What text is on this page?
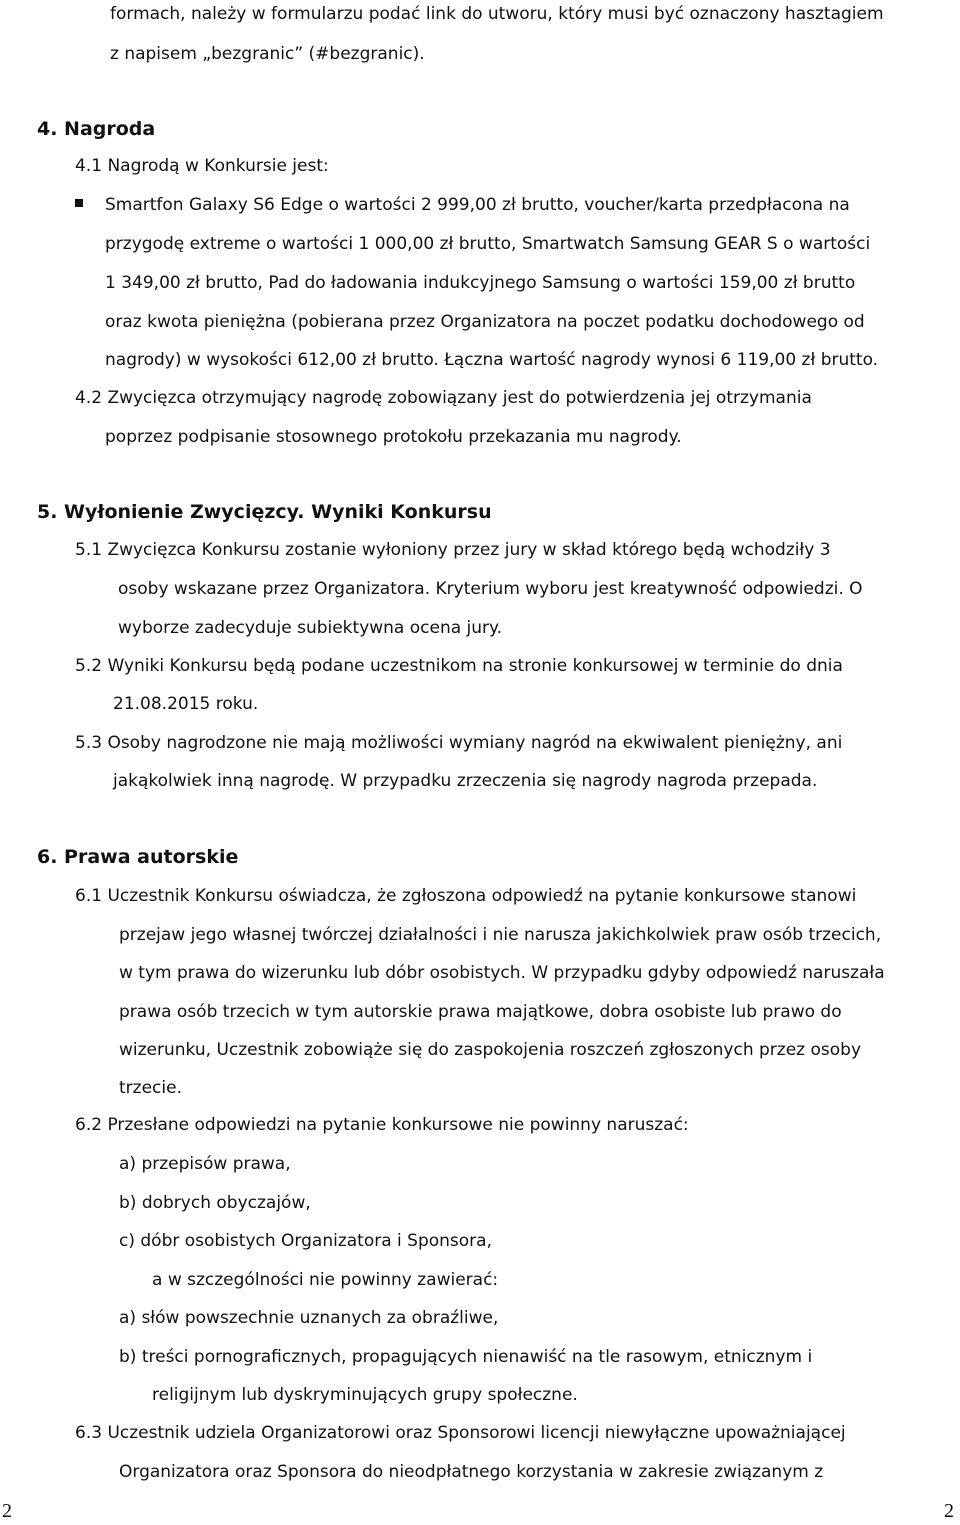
formach, należy w formularzu podać link do utworu, który musi być oznaczony hasztagiem
z napisem „bezgranic” (#bezgranic).
4. Nagroda
4.1 Nagrodą w Konkursie jest:
Smartfon Galaxy S6 Edge o wartości 2 999,00 zł brutto, voucher/karta przedpłacona na
przygodę extreme o wartości 1 000,00 zł brutto, Smartwatch Samsung GEAR S o wartości
1 349,00 zł brutto, Pad do ładowania indukcyjnego Samsung o wartości 159,00 zł brutto
oraz kwota pieniężna (pobierana przez Organizatora na poczet podatku dochodowego od
nagrody) w wysokości 612,00 zł brutto. Łączna wartość nagrody wynosi 6 119,00 zł brutto.
4.2 Zwycięzca otrzymujący nagrodę zobowiązany jest do potwierdzenia jej otrzymania
poprzez podpisanie stosownego protokołu przekazania mu nagrody.
5. Wyłonienie Zwycięzcy. Wyniki Konkursu
5.1 Zwycięzca Konkursu zostanie wyłoniony przez jury w skład którego będą wchodziły 3
osoby wskazane przez Organizatora. Kryterium wyboru jest kreatywność odpowiedzi. O
wyborze zadecyduje subiektywna ocena jury.
5.2 Wyniki Konkursu będą podane uczestnikom na stronie konkursowej w terminie do dnia
21.08.2015 roku.
5.3 Osoby nagrodzone nie mają możliwości wymiany nagród na ekwiwalent pieniężny, ani
jakąkolwiek inną nagrodę. W przypadku zrzeczenia się nagrody nagroda przepada.
6. Prawa autorskie
6.1 Uczestnik Konkursu oświadcza, że zgłoszona odpowiedź na pytanie konkursowe stanowi
przejaw jego własnej twórczej działalności i nie narusza jakichkolwiek praw osób trzecich,
w tym prawa do wizerunku lub dóbr osobistych. W przypadku gdyby odpowiedź naruszała
prawa osób trzecich w tym autorskie prawa majątkowe, dobra osobiste lub prawo do
wizerunku, Uczestnik zobowiąże się do zaspokojenia roszczeń zgłoszonych przez osoby
trzecie.
6.2 Przesłane odpowiedzi na pytanie konkursowe nie powinny naruszać:
a) przepisów prawa,
b) dobrych obyczajów,
c) dóbr osobistych Organizatora i Sponsora,
a w szczególności nie powinny zawierać:
a) słów powszechnie uznanych za obraźliwe,
b) treści pornograficznych, propagujących nienawiść na tle rasowym, etnicznym i
religijnym lub dyskryminujących grupy społeczne.
6.3 Uczestnik udziela Organizatorowi oraz Sponsorowi licencji niewyłączne upoważniającej
Organizatora oraz Sponsora do nieodpłatnego korzystania w zakresie związanym z
2	2
